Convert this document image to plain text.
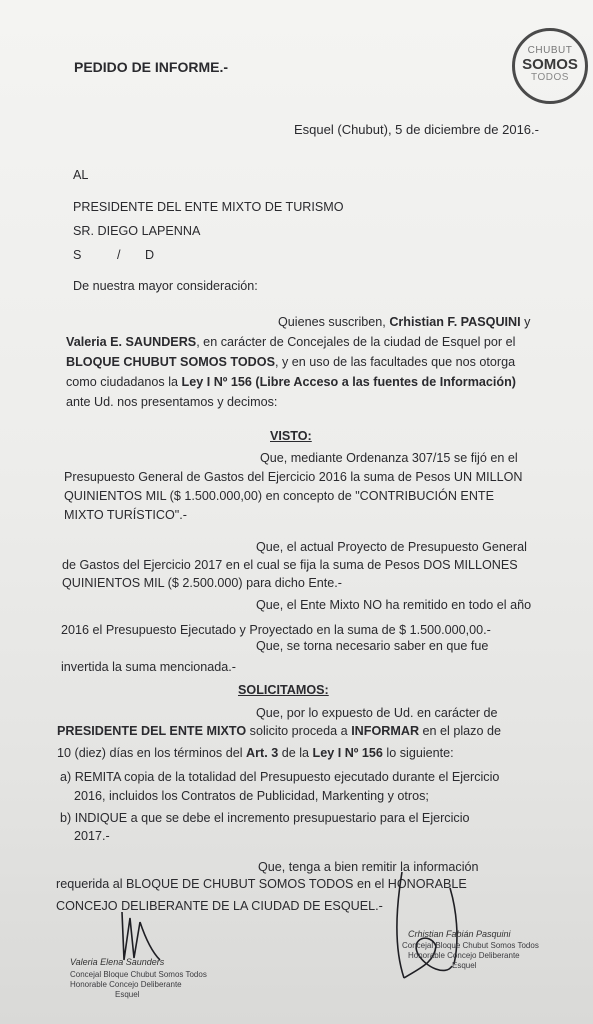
CHUBUT
SOMOS
TODOS
PEDIDO DE INFORME.-
Esquel (Chubut), 5 de diciembre de 2016.-
AL
PRESIDENTE DEL ENTE MIXTO DE TURISMO
SR. DIEGO LAPENNA
S	/ D
De nuestra mayor consideración:
Quienes suscriben, Crhistian F. PASQUINI y
Valeria E. SAUNDERS, en carácter de Concejales de la ciudad de Esquel por el
BLOQUE CHUBUT SOMOS TODOS, y en uso de las facultades que nos otorga
como ciudadanos la Ley I Nº 156 (Libre Acceso a las fuentes de Información)
ante Ud. nos presentamos y decimos:
VISTO:
Que, mediante Ordenanza 307/15 se fijó en el
Presupuesto General de Gastos del Ejercicio 2016 la suma de Pesos UN MILLON
QUINIENTOS MIL ($ 1.500.000,00) en concepto de "CONTRIBUCIÓN ENTE
MIXTO TURÍSTICO".-
Que, el actual Proyecto de Presupuesto General
de Gastos del Ejercicio 2017 en el cual se fija la suma de Pesos DOS MILLONES
QUINIENTOS MIL ($ 2.500.000) para dicho Ente.-
Que, el Ente Mixto NO ha remitido en todo el año
2016 el Presupuesto Ejecutado y Proyectado en la suma de $ 1.500.000,00.-
Que, se torna necesario saber en que fue
invertida la suma mencionada.-
SOLICITAMOS:
Que, por lo expuesto de Ud. en carácter de
PRESIDENTE DEL ENTE MIXTO solicito proceda a INFORMAR en el plazo de
10 (diez) días en los términos del Art. 3 de la Ley I Nº 156 lo siguiente:
a) REMITA copia de la totalidad del Presupuesto ejecutado durante el Ejercicio
2016, incluidos los Contratos de Publicidad, Markenting y otros;
b) INDIQUE a que se debe el incremento presupuestario para el Ejercicio
2017.-
Que, tenga a bien remitir la información
requerida al BLOQUE DE CHUBUT SOMOS TODOS en el HONORABLE
CONCEJO DELIBERANTE DE LA CIUDAD DE ESQUEL.-
Valeria Elena Saunders
Concejal Bloque Chubut Somos Todos
Honorable Concejo Deliberante
Esquel
Crhistian Fabián Pasquini
Concejal Bloque Chubut Somos Todos
Honorable Concejo Deliberante
Esquel
